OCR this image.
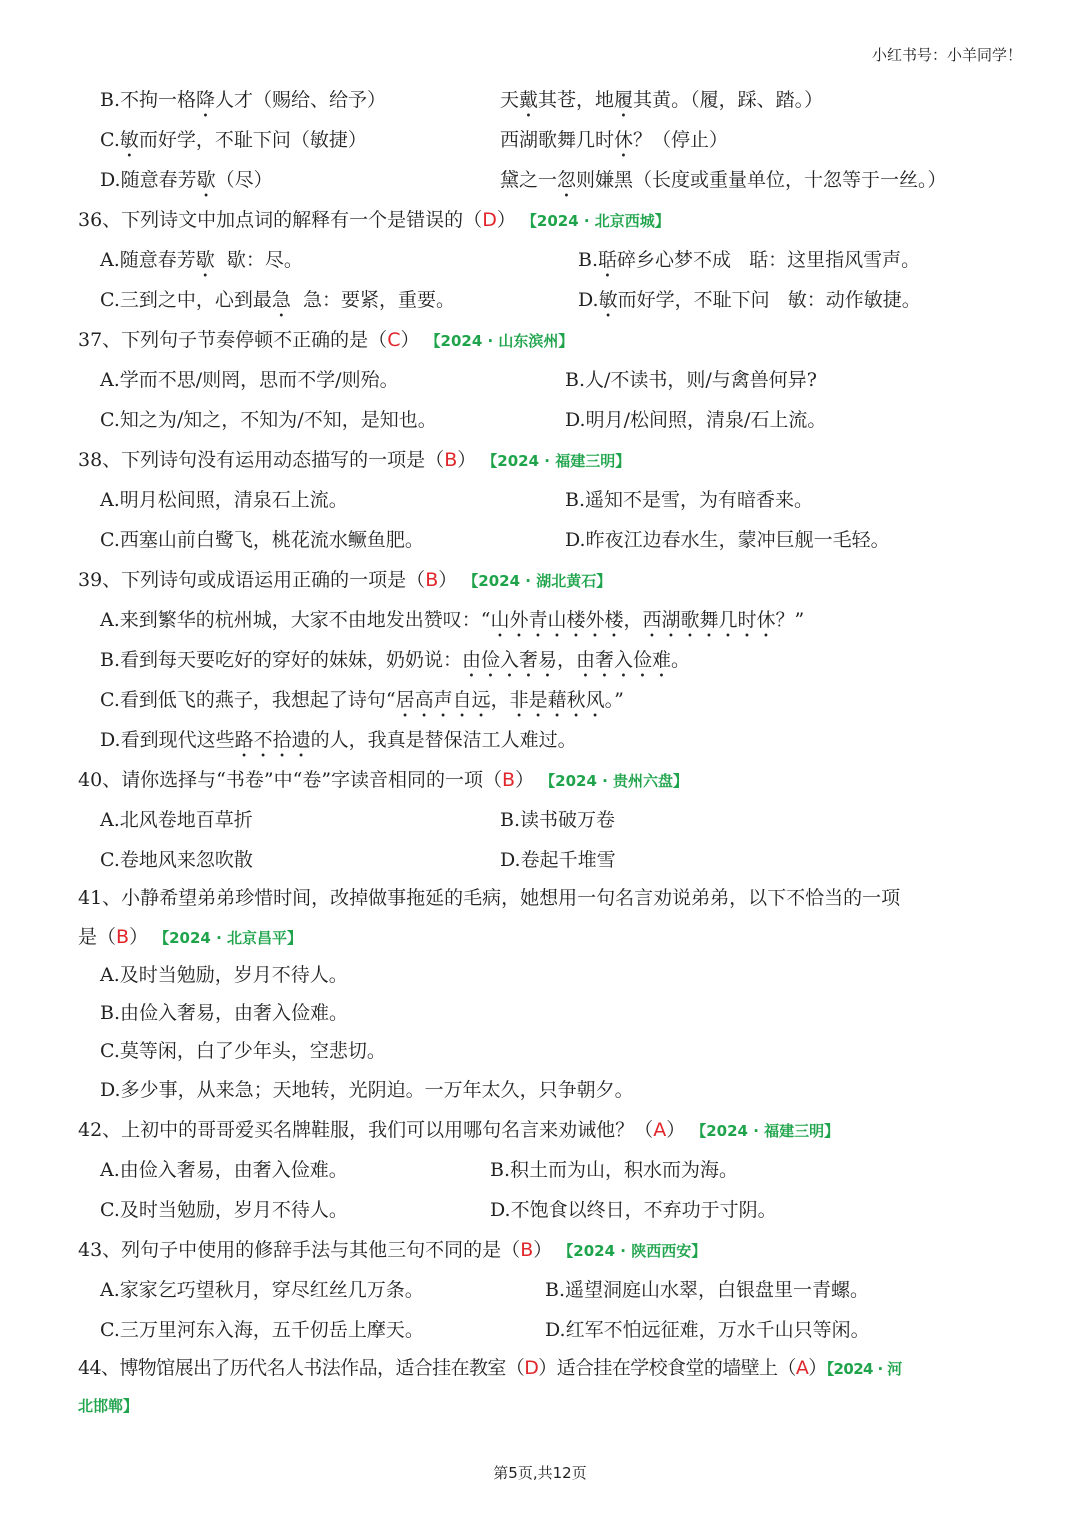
小红书号：小羊同学！
B.不拘一格降人才（赐给、给予）	天戴其苍，地履其黄。（履，踩、踏。）
C.敏而好学，不耻下问（敏捷）	西湖歌舞几时休？（停止）
D.随意春芳歇（尽）	黛之一忽则嫌黑（长度或重量单位，十忽等于一丝。）
36、下列诗文中加点词的解释有一个是错误的（D） 【2024 · 北京西城】
A.随意春芳歇  歇：尽。	B.聒碎乡心梦不成   聒：这里指风雪声。
C.三到之中，心到最急  急：要紧，重要。	D.敏而好学，不耻下问   敏：动作敏捷。
37、下列句子节奏停顿不正确的是（C） 【2024 · 山东滨州】
A.学而不思/则罔，思而不学/则殆。	B.人/不读书，则/与禽兽何异?
C.知之为/知之，不知为/不知，是知也。	D.明月/松间照，清泉/石上流。
38、下列诗句没有运用动态描写的一项是（B） 【2024 · 福建三明】
A.明月松间照，清泉石上流。	B.遥知不是雪，为有暗香来。
C.西塞山前白鹭飞，桃花流水鳜鱼肥。	D.昨夜江边春水生，蒙冲巨舰一毛轻。
39、下列诗句或成语运用正确的一项是（B） 【2024 · 湖北黄石】
A.来到繁华的杭州城，大家不由地发出赞叹：“山外青山楼外楼，西湖歌舞几时休？”
B.看到每天要吃好的穿好的妹妹，奶奶说：由俭入奢易，由奢入俭难。
C.看到低飞的燕子，我想起了诗句“居高声自远，非是藉秋风。”
D.看到现代这些路不拾遗的人，我真是替保洁工人难过。
40、请你选择与“书卷”中“卷”字读音相同的一项（B） 【2024 · 贵州六盘】
A.北风卷地百草折	B.读书破万卷
C.卷地风来忽吹散	D.卷起千堆雪
41、小静希望弟弟珍惜时间，改掉做事拖延的毛病，她想用一句名言劝说弟弟，以下不恰当的一项
是（B） 【2024 · 北京昌平】
A.及时当勉励，岁月不待人。
B.由俭入奢易，由奢入俭难。
C.莫等闲，白了少年头，空悲切。
D.多少事，从来急；天地转，光阴迫。一万年太久，只争朝夕。
42、上初中的哥哥爱买名牌鞋服，我们可以用哪句名言来劝诫他？（A） 【2024 · 福建三明】
A.由俭入奢易，由奢入俭难。	B.积土而为山，积水而为海。
C.及时当勉励，岁月不待人。	D.不饱食以终日，不弃功于寸阴。
43、列句子中使用的修辞手法与其他三句不同的是（B） 【2024 · 陕西西安】
A.家家乞巧望秋月，穿尽红丝几万条。	B.遥望洞庭山水翠，白银盘里一青螺。
C.三万里河东入海，五千仞岳上摩天。	D.红军不怕远征难，万水千山只等闲。
44、博物馆展出了历代名人书法作品，适合挂在教室（D）适合挂在学校食堂的墙壁上（A）【2024 · 河
北邯郸】
第5页,共12页
